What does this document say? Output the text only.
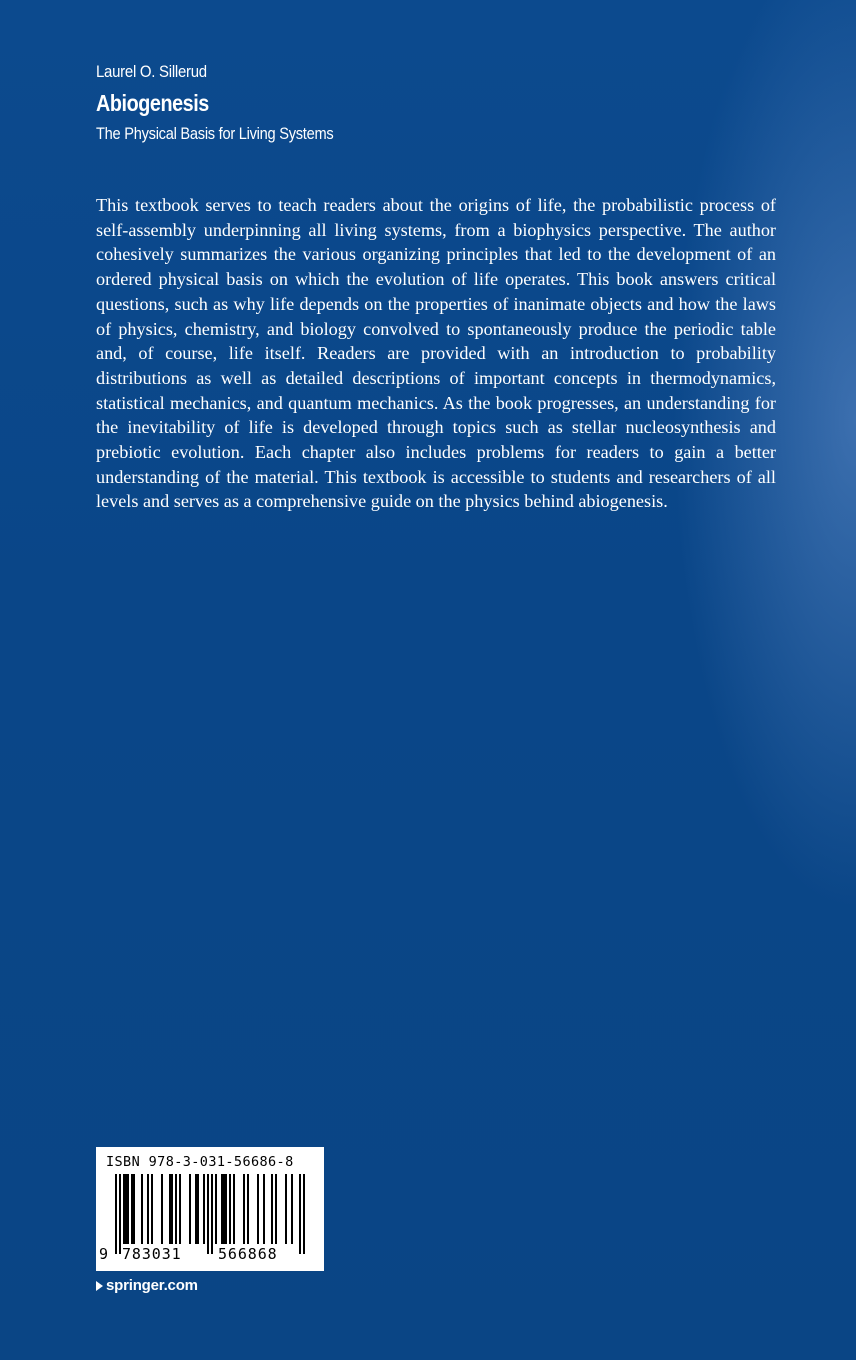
Laurel O. Sillerud
Abiogenesis
The Physical Basis for Living Systems

This textbook serves to teach readers about the origins of life, the probabilistic process of self-assembly underpinning all living systems, from a biophysics perspective. The author cohesively summarizes the various organizing principles that led to the development of an ordered physical basis on which the evolution of life operates. This book answers critical questions, such as why life depends on the properties of inanimate objects and how the laws of physics, chemistry, and biology convolved to spontaneously produce the periodic table and, of course, life itself. Readers are provided with an introduction to probability distributions as well as detailed descriptions of important concepts in thermodynamics, statistical mechanics, and quantum mechanics. As the book progresses, an understanding for the inevitability of life is developed through topics such as stellar nucleosynthesis and prebiotic evolution. Each chapter also includes problems for readers to gain a better understanding of the material. This textbook is accessible to students and researchers of all levels and serves as a comprehensive guide on the physics behind abiogenesis.

ISBN 978-3-031-56686-8
9 783031 566868
springer.com
